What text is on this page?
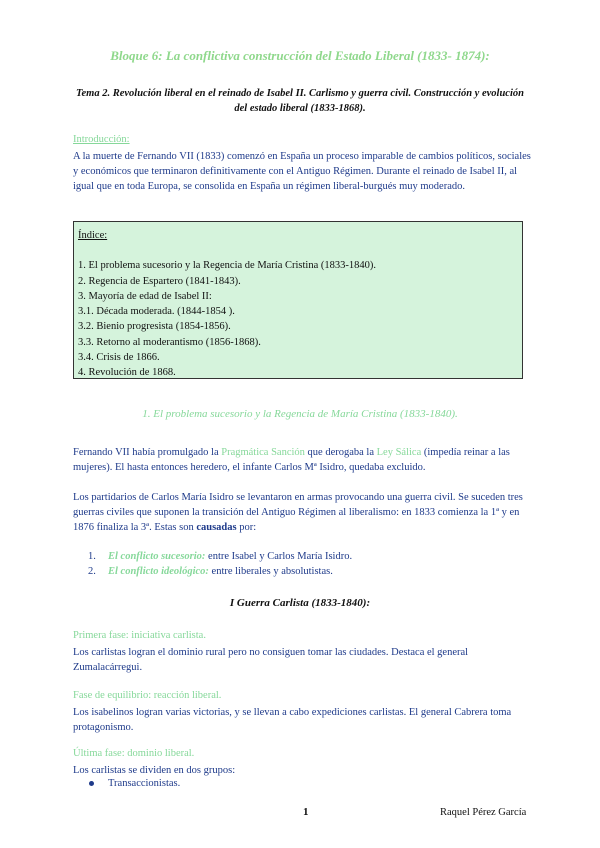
Bloque 6: La conflictiva construcción del Estado Liberal (1833- 1874):
Tema 2. Revolución liberal en el reinado de Isabel II. Carlismo y guerra civil. Construcción y evolución del estado liberal (1833-1868).
Introducción:
A la muerte de Fernando VII (1833) comenzó en España un proceso imparable de cambios políticos, sociales y económicos que terminaron definitivamente con el Antiguo Régimen. Durante el reinado de Isabel II, al igual que en toda Europa, se consolida en España un régimen liberal-burgués muy moderado.
Índice:
1. El problema sucesorio y la Regencia de María Cristina (1833-1840).
2. Regencia de Espartero (1841-1843).
3. Mayoría de edad de Isabel II:
3.1. Década moderada. (1844-1854 ).
3.2. Bienio progresista (1854-1856).
3.3. Retorno al moderantismo (1856-1868).
3.4. Crisis de 1866.
4. Revolución de 1868.
1. El problema sucesorio y la Regencia de María Cristina (1833-1840).
Fernando VII había promulgado la Pragmática Sanción que derogaba la Ley Sálica (impedía reinar a las mujeres). El hasta entonces heredero, el infante Carlos Mª Isidro, quedaba excluido.
Los partidarios de Carlos María Isidro se levantaron en armas provocando una guerra civil. Se suceden tres guerras civiles que suponen la transición del Antiguo Régimen al liberalismo: en 1833 comienza la 1ª y en 1876 finaliza la 3ª. Estas son causadas por:
1.	El conflicto sucesorio: entre Isabel y Carlos María Isidro.
2.	El conflicto ideológico: entre liberales y absolutistas.
I Guerra Carlista (1833-1840):
Primera fase: iniciativa carlista.
Los carlistas logran el dominio rural pero no consiguen tomar las ciudades. Destaca el general Zumalacárregui.
Fase de equilibrio: reacción liberal.
Los isabelinos logran varias victorias, y se llevan a cabo expediciones carlistas. El general Cabrera toma protagonismo.
Última fase: dominio liberal.
Los carlistas se dividen en dos grupos:
Transaccionistas.
1	Raquel Pérez García
